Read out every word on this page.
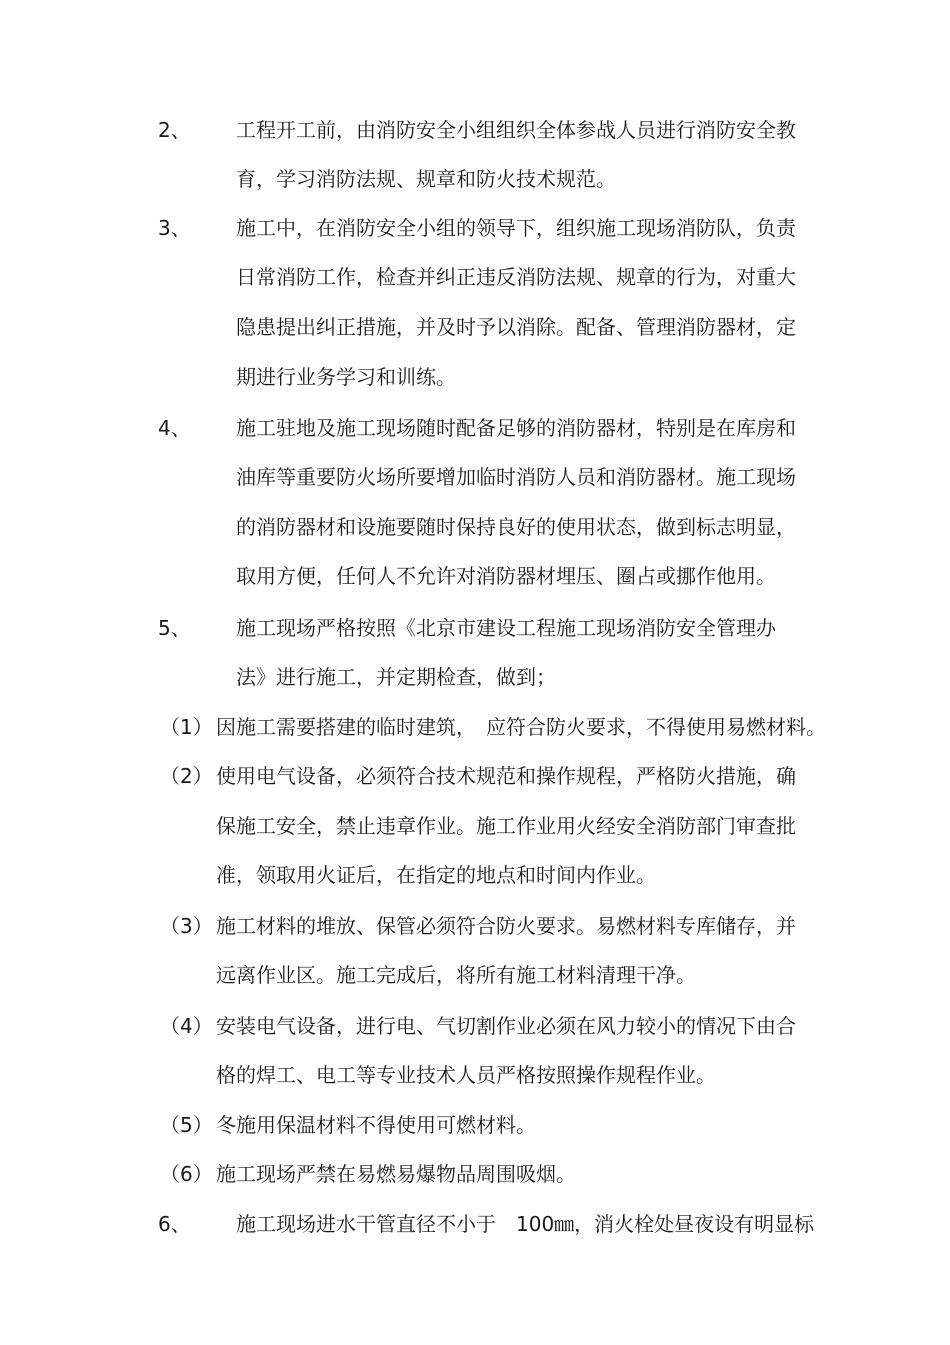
2、 工程开工前，由消防安全小组组织全体参战人员进行消防安全教
育，学习消防法规、规章和防火技术规范。
3、 施工中，在消防安全小组的领导下，组织施工现场消防队，负责
日常消防工作，检查并纠正违反消防法规、规章的行为，对重大
隐患提出纠正措施，并及时予以消除。配备、管理消防器材，定
期进行业务学习和训练。
4、 施工驻地及施工现场随时配备足够的消防器材，特别是在库房和
油库等重要防火场所要增加临时消防人员和消防器材。施工现场
的消防器材和设施要随时保持良好的使用状态，做到标志明显，
取用方便，任何人不允许对消防器材埋压、圈占或挪作他用。
5、 施工现场严格按照《北京市建设工程施工现场消防安全管理办
法》进行施工，并定期检查，做到；
（1） 因施工需要搭建的临时建筑，　应符合防火要求，不得使用易燃材料。
（2） 使用电气设备，必须符合技术规范和操作规程，严格防火措施，确
保施工安全，禁止违章作业。施工作业用火经安全消防部门审查批
准，领取用火证后，在指定的地点和时间内作业。
（3） 施工材料的堆放、保管必须符合防火要求。易燃材料专库储存，并
远离作业区。施工完成后，将所有施工材料清理干净。
（4） 安装电气设备，进行电、气切割作业必须在风力较小的情况下由合
格的焊工、电工等专业技术人员严格按照操作规程作业。
（5） 冬施用保温材料不得使用可燃材料。
（6） 施工现场严禁在易燃易爆物品周围吸烟。
6、 施工现场进水干管直径不小于　100㎜，消火栓处昼夜设有明显标
